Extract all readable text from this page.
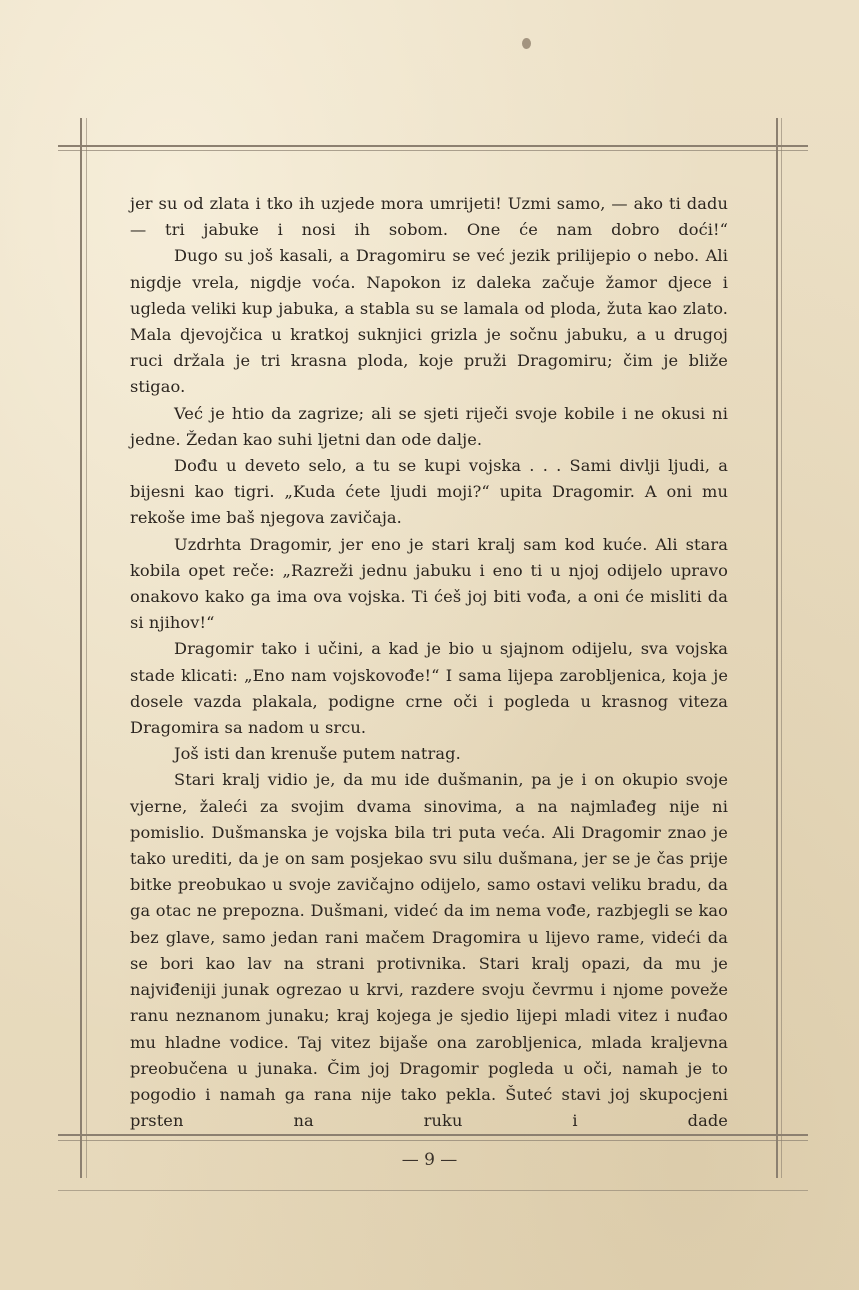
jer su od zlata i tko ih uzjede mora umrijeti! Uzmi samo, — ako ti dadu — tri jabuke i nosi ih sobom. One će nam dobro doći!“

Dugo su još kasali, a Dragomiru se već jezik prilijepio o nebo. Ali nigdje vrela, nigdje voća. Napokon iz daleka začuje žamor djece i ugleda veliki kup jabuka, a stabla su se lamala od ploda, žuta kao zlato. Mala djevojčica u kratkoj suknjici grizla je sočnu jabuku, a u drugoj ruci držala je tri krasna ploda, koje pruži Dragomiru; čim je bliže stigao.

Već je htio da zagrize; ali se sjeti riječi svoje kobile i ne okusi ni jedne. Žedan kao suhi ljetni dan ode dalje.

Dođu u deveto selo, a tu se kupi vojska . . . Sami divlji ljudi, a bijesni kao tigri. „Kuda ćete ljudi moji?“ upita Dragomir. A oni mu rekoše ime baš njegova zavičaja.

Uzdrhta Dragomir, jer eno je stari kralj sam kod kuće. Ali stara kobila opet reče: „Razreži jednu jabuku i eno ti u njoj odijelo upravo onakovo kako ga ima ova vojska. Ti ćeš joj biti vođa, a oni će misliti da si njihov!“

Dragomir tako i učini, a kad je bio u sjajnom odijelu, sva vojska stade klicati: „Eno nam vojskovođe!“ I sama lijepa zarobljenica, koja je dosele vazda plakala, podigne crne oči i pogleda u krasnog viteza Dragomira sa nadom u srcu.

Još isti dan krenuše putem natrag.

Stari kralj vidio je, da mu ide dušmanin, pa je i on okupio svoje vjerne, žaleći za svojim dvama sinovima, a na najmlađeg nije ni pomislio. Dušmanska je vojska bila tri puta veća. Ali Dragomir znao je tako urediti, da je on sam posjekao svu silu dušmana, jer se je čas prije bitke preobukao u svoje zavičajno odijelo, samo ostavi veliku bradu, da ga otac ne prepozna. Dušmani, videć da im nema vođe, razbjegli se kao bez glave, samo jedan rani mačem Dragomira u lijevo rame, videći da se bori kao lav na strani protivnika. Stari kralj opazi, da mu je najviđeniji junak ogrezao u krvi, razdere svoju čevrmu i njome poveže ranu neznanom junaku; kraj kojega je sjedio lijepi mladi vitez i nuđao mu hladne vodice. Taj vitez bijaše ona zarobljenica, mlada kraljevna preobučena u junaka. Čim joj Dragomir pogleda u oči, namah je to pogodio i namah ga rana nije tako pekla. Šuteć stavi joj skupocjeni prsten na ruku i dade

— 9 —
